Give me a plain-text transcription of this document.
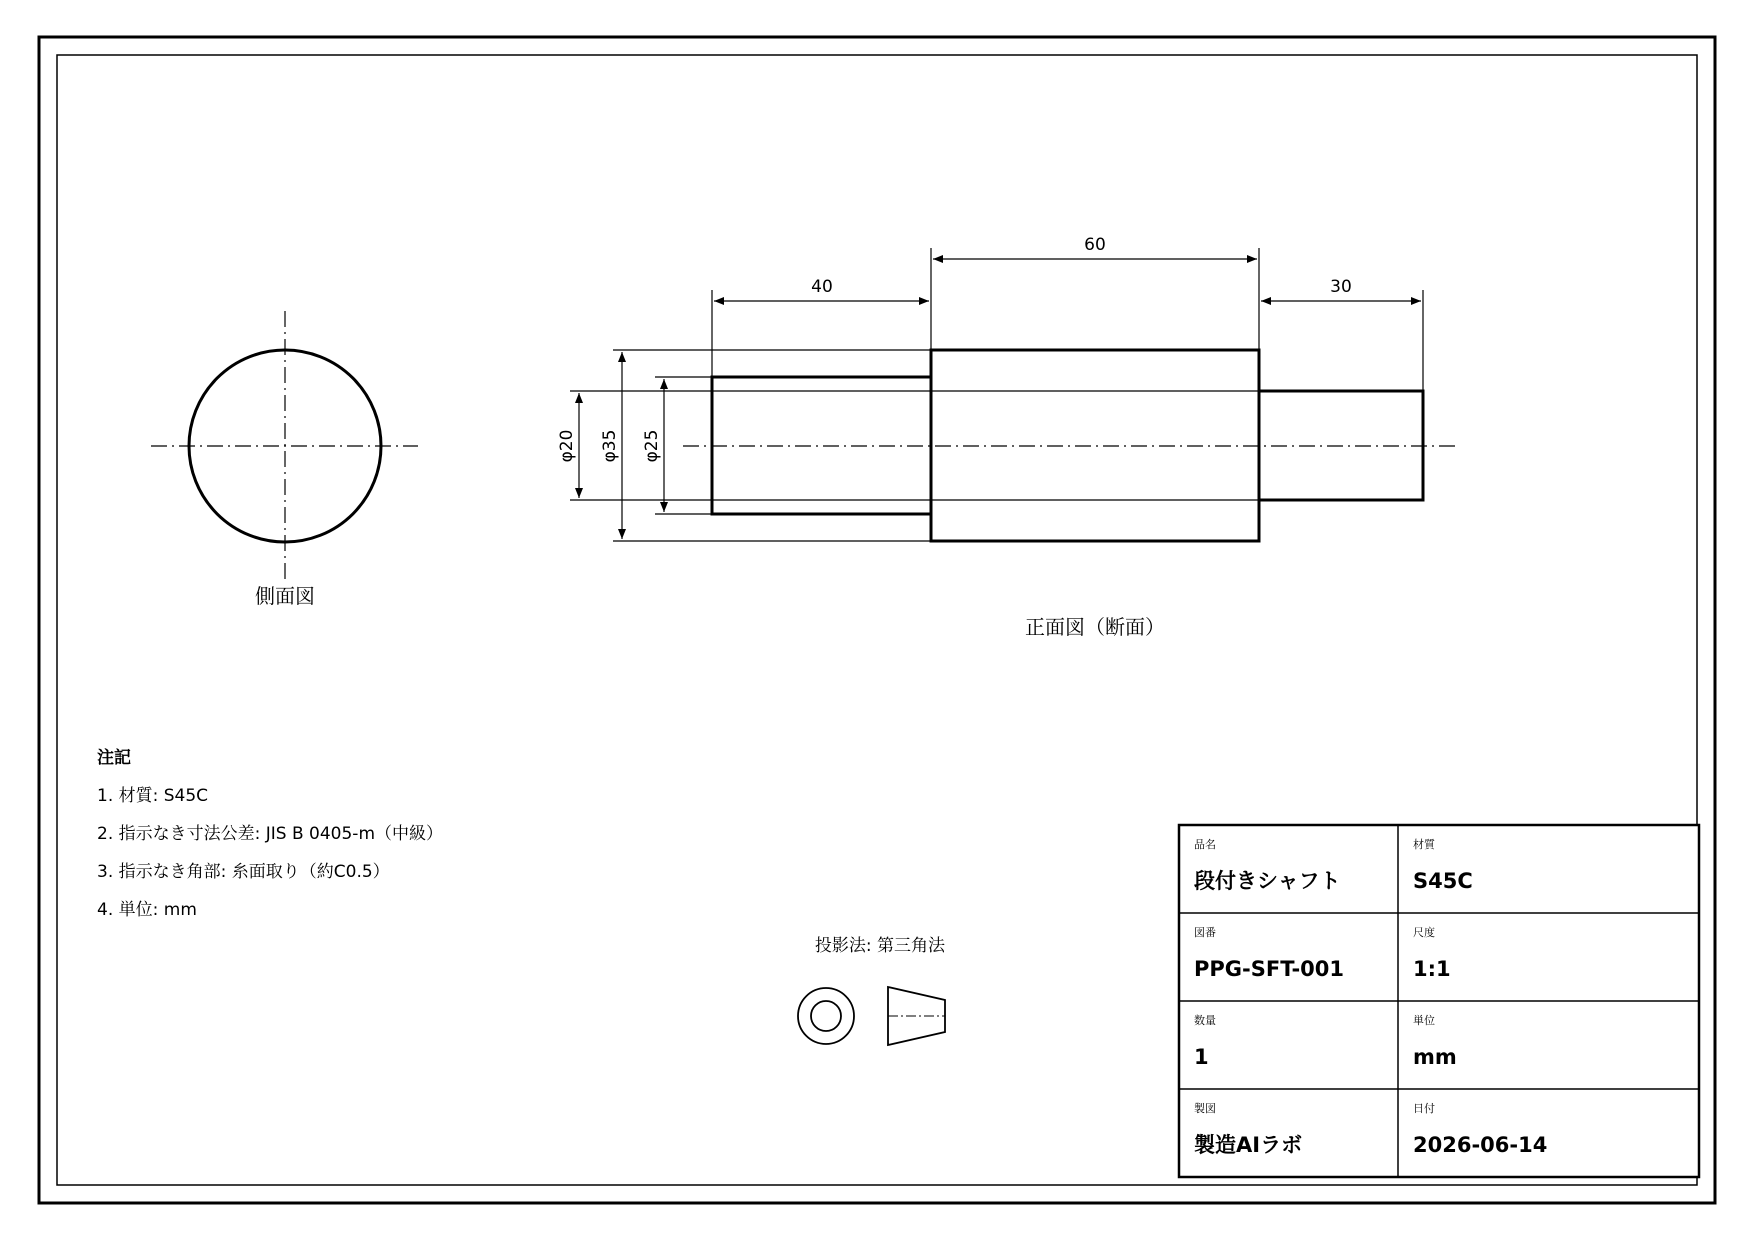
側面図
40
60
30
φ20 φ35 φ25
正面図（断面）
注記
1. 材質: S45C
2. 指示なき寸法公差: JIS B 0405-m（中級）
3. 指示なき角部: 糸面取り（約C0.5）
4. 単位: mm
投影法: 第三角法
品名
段付きシャフト
材質
S45C
図番
PPG-SFT-001
尺度
1:1
数量
1
単位
mm
製図
製造AIラボ
日付
2026-06-14
